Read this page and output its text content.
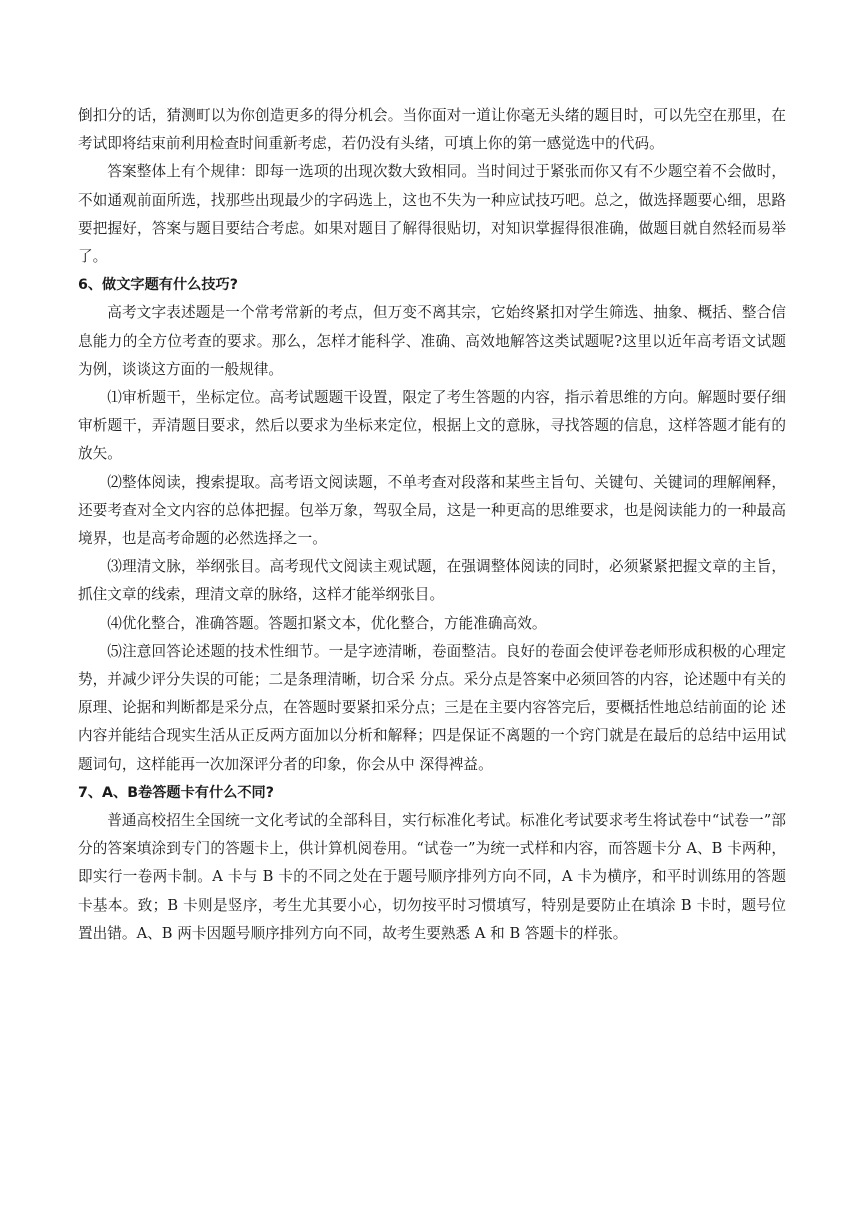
倒扣分的话，猜测町以为你创造更多的得分机会。当你面对一道让你毫无头绪的题目时，可以先空在那里，在考试即将结束前利用检查时间重新考虑，若仍没有头绪，可填上你的第一感觉选中的代码。

答案整体上有个规律：即每一选项的出现次数大致相同。当时间过于紧张而你又有不少题空着不会做时，不如通观前面所选，找那些出现最少的字码选上，这也不失为一种应试技巧吧。总之，做选择题要心细，思路要把握好，答案与题目要结合考虑。如果对题目了解得很贴切，对知识掌握得很准确，做题目就自然轻而易举了。

6、做文字题有什么技巧?

高考文字表述题是一个常考常新的考点，但万变不离其宗，它始终紧扣对学生筛选、抽象、概括、整合信息能力的全方位考查的要求。那么，怎样才能科学、准确、高效地解答这类试题呢?这里以近年高考语文试题为例，谈谈这方面的一般规律。

⑴审析题干，坐标定位。高考试题题干设置，限定了考生答题的内容，指示着思维的方向。解题时要仔细审析题干，弄清题目要求，然后以要求为坐标来定位，根据上文的意脉，寻找答题的信息，这样答题才能有的放矢。

⑵整体阅读，搜索提取。高考语文阅读题，不单考查对段落和某些主旨句、关键句、关键词的理解阐释，还要考查对全文内容的总体把握。包举万象，驾驭全局，这是一种更高的思维要求，也是阅读能力的一种最高境界，也是高考命题的必然选择之一。

⑶理清文脉，举纲张目。高考现代文阅读主观试题，在强调整体阅读的同时，必须紧紧把握文章的主旨，抓住文章的线索，理清文章的脉络，这样才能举纲张目。

⑷优化整合，准确答题。答题扣紧文本，优化整合，方能准确高效。

⑸注意回答论述题的技术性细节。一是字迹清晰，卷面整洁。良好的卷面会使评卷老师形成积极的心理定势，并减少评分失误的可能；二是条理清晰，切合采 分点。采分点是答案中必须回答的内容，论述题中有关的原理、论据和判断都是采分点，在答题时要紧扣采分点；三是在主要内容答完后，要概括性地总结前面的论 述内容并能结合现实生活从正反两方面加以分析和解释；四是保证不离题的一个窍门就是在最后的总结中运用试题词句，这样能再一次加深评分者的印象，你会从中 深得裨益。

7、A、B卷答题卡有什么不同?

普通高校招生全国统一文化考试的全部科目，实行标准化考试。标准化考试要求考生将试卷中“试卷一”部分的答案填涂到专门的答题卡上，供计算机阅卷用。“试卷一”为统一式样和内容，而答题卡分 A、B 卡两种，即实行一卷两卡制。A 卡与 B 卡的不同之处在于题号顺序排列方向不同，A 卡为横序，和平时训练用的答题卡基本。致；B 卡则是竖序，考生尤其要小心，切勿按平时习惯填写，特别是要防止在填涂 B 卡时，题号位置出错。A、B 两卡因题号顺序排列方向不同，故考生要熟悉 A 和 B 答题卡的样张。
